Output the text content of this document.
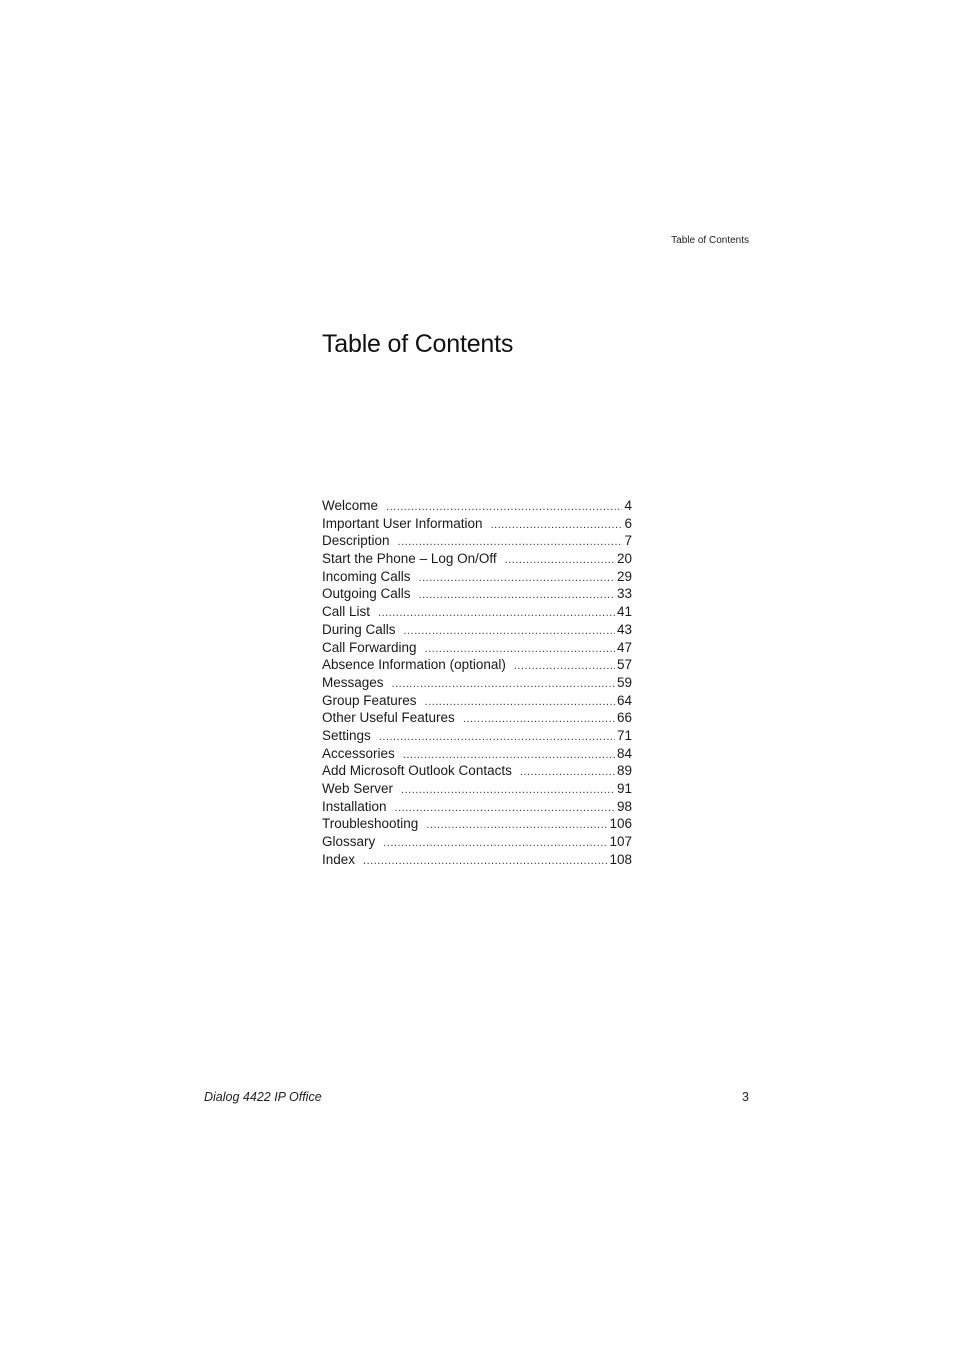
Table of Contents
Table of Contents
Welcome .....	4
Important User Information .....	6
Description .....	7
Start the Phone – Log On/Off .....	20
Incoming Calls .....	29
Outgoing Calls .....	33
Call List .....	41
During Calls .....	43
Call Forwarding .....	47
Absence Information (optional) .....	57
Messages .....	59
Group Features .....	64
Other Useful Features .....	66
Settings .....	71
Accessories .....	84
Add Microsoft Outlook Contacts .....	89
Web Server .....	91
Installation .....	98
Troubleshooting .....	106
Glossary .....	107
Index .....	108
Dialog 4422 IP Office	3
